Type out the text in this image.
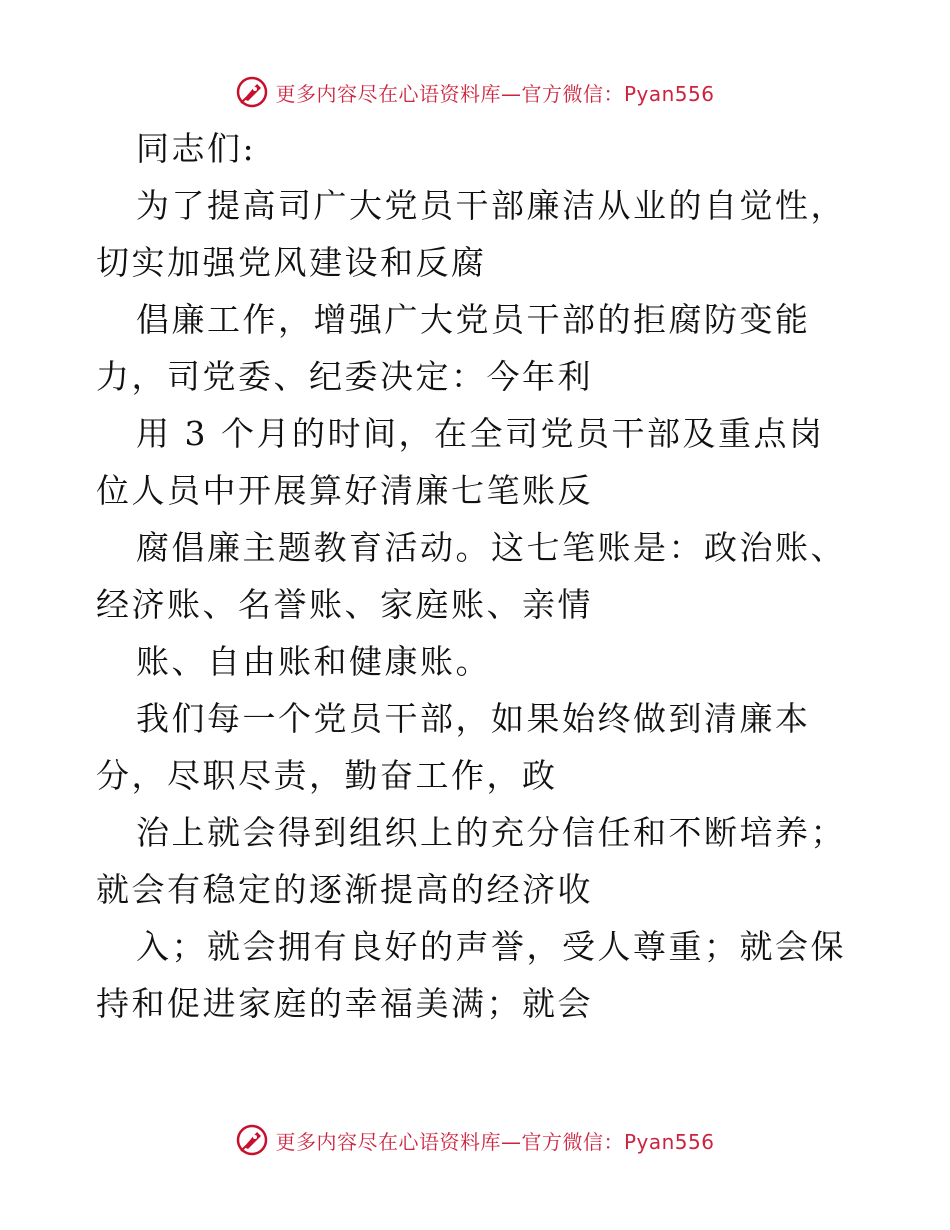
更多内容尽在心语资料库—官方微信：Pyan556

同志们:

为了提高司广大党员干部廉洁从业的自觉性，切实加强党风建设和反腐

倡廉工作，增强广大党员干部的拒腐防变能力，司党委、纪委决定：今年利

用 3 个月的时间，在全司党员干部及重点岗位人员中开展算好清廉七笔账反

腐倡廉主题教育活动。这七笔账是：政治账、经济账、名誉账、家庭账、亲情

账、自由账和健康账。

我们每一个党员干部，如果始终做到清廉本分，尽职尽责，勤奋工作，政

治上就会得到组织上的充分信任和不断培养；就会有稳定的逐渐提高的经济收

入；就会拥有良好的声誉，受人尊重；就会保持和促进家庭的幸福美满；就会

更多内容尽在心语资料库—官方微信：Pyan556
